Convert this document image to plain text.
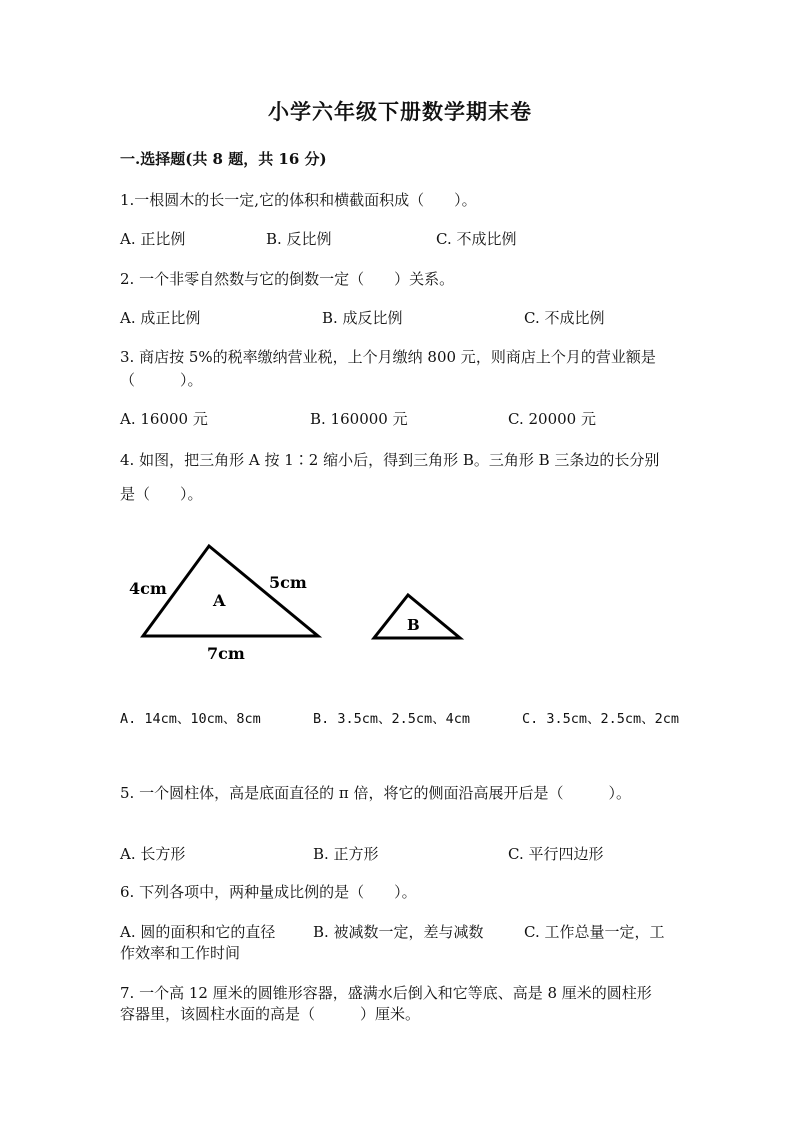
小学六年级下册数学期末卷
一.选择题(共 8 题，共 16 分)
1.一根圆木的长一定,它的体积和横截面积成（　　）。
A. 正比例	B. 反比例	C. 不成比例
2. 一个非零自然数与它的倒数一定（　　）关系。
A. 成正比例	B. 成反比例	C. 不成比例
3. 商店按 5%的税率缴纳营业税，上个月缴纳 800 元，则商店上个月的营业额是
（　　　）。
A. 16000 元	B. 160000 元	C. 20000 元
4. 如图，把三角形 A 按 1∶2 缩小后，得到三角形 B。三角形 B 三条边的长分别
是（　　）。
A
4cm	5cm
7cm
B
A. 14cm、10cm、8cm	B. 3.5cm、2.5cm、4cm	C. 3.5cm、2.5cm、2cm
5. 一个圆柱体，高是底面直径的 π 倍，将它的侧面沿高展开后是（　　　）。
A. 长方形	B. 正方形	C. 平行四边形
6. 下列各项中，两种量成比例的是（　　）。
A. 圆的面积和它的直径	B. 被减数一定，差与减数	C. 工作总量一定，工
作效率和工作时间
7. 一个高 12 厘米的圆锥形容器，盛满水后倒入和它等底、高是 8 厘米的圆柱形
容器里，该圆柱水面的高是（　　　）厘米。
